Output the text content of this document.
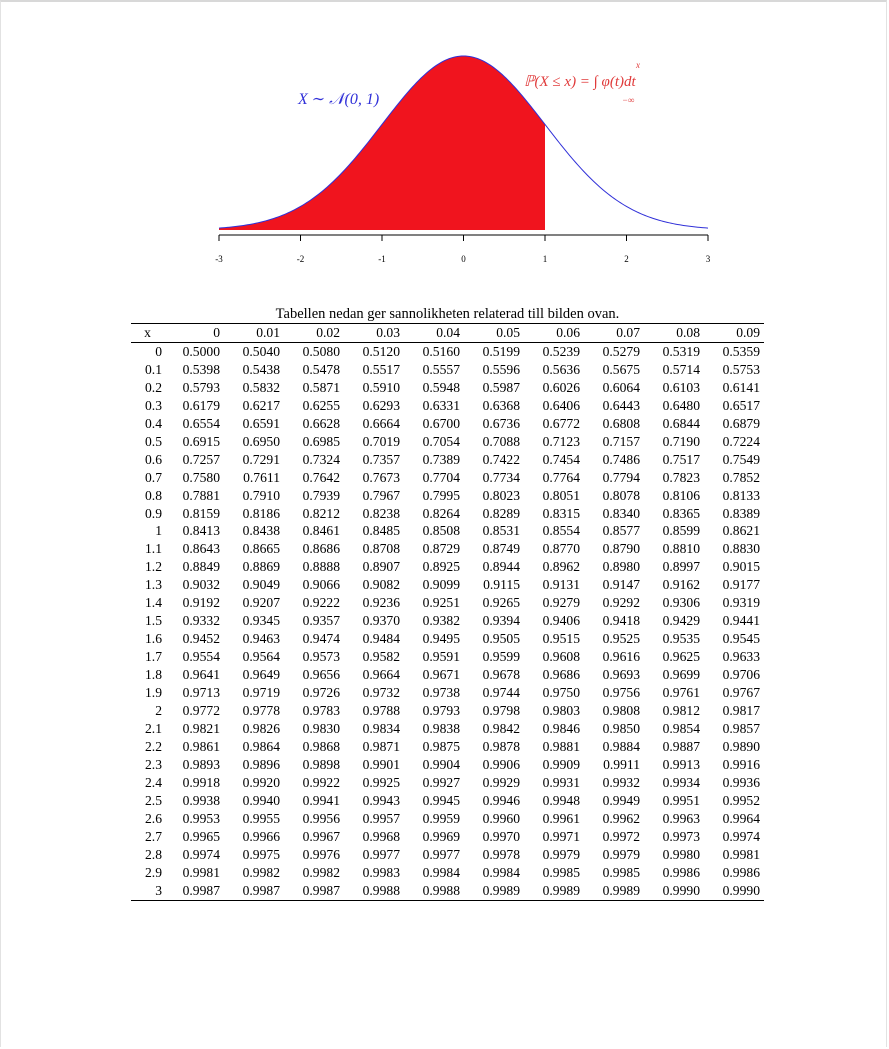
-3	-2	-1	0	1	2	3
X ∼ 𝒩(0, 1)
ℙ(X ≤ x) = ∫ φ(t)dt
x
−∞
Tabellen nedan ger sannolikheten relaterad till bilden ovan.
x	0	0.01	0.02	0.03	0.04	0.05	0.06	0.07	0.08	0.09
0	0.5000	0.5040	0.5080	0.5120	0.5160	0.5199	0.5239	0.5279	0.5319	0.5359
0.1	0.5398	0.5438	0.5478	0.5517	0.5557	0.5596	0.5636	0.5675	0.5714	0.5753
0.2	0.5793	0.5832	0.5871	0.5910	0.5948	0.5987	0.6026	0.6064	0.6103	0.6141
0.3	0.6179	0.6217	0.6255	0.6293	0.6331	0.6368	0.6406	0.6443	0.6480	0.6517
0.4	0.6554	0.6591	0.6628	0.6664	0.6700	0.6736	0.6772	0.6808	0.6844	0.6879
0.5	0.6915	0.6950	0.6985	0.7019	0.7054	0.7088	0.7123	0.7157	0.7190	0.7224
0.6	0.7257	0.7291	0.7324	0.7357	0.7389	0.7422	0.7454	0.7486	0.7517	0.7549
0.7	0.7580	0.7611	0.7642	0.7673	0.7704	0.7734	0.7764	0.7794	0.7823	0.7852
0.8	0.7881	0.7910	0.7939	0.7967	0.7995	0.8023	0.8051	0.8078	0.8106	0.8133
0.9	0.8159	0.8186	0.8212	0.8238	0.8264	0.8289	0.8315	0.8340	0.8365	0.8389
1	0.8413	0.8438	0.8461	0.8485	0.8508	0.8531	0.8554	0.8577	0.8599	0.8621
1.1	0.8643	0.8665	0.8686	0.8708	0.8729	0.8749	0.8770	0.8790	0.8810	0.8830
1.2	0.8849	0.8869	0.8888	0.8907	0.8925	0.8944	0.8962	0.8980	0.8997	0.9015
1.3	0.9032	0.9049	0.9066	0.9082	0.9099	0.9115	0.9131	0.9147	0.9162	0.9177
1.4	0.9192	0.9207	0.9222	0.9236	0.9251	0.9265	0.9279	0.9292	0.9306	0.9319
1.5	0.9332	0.9345	0.9357	0.9370	0.9382	0.9394	0.9406	0.9418	0.9429	0.9441
1.6	0.9452	0.9463	0.9474	0.9484	0.9495	0.9505	0.9515	0.9525	0.9535	0.9545
1.7	0.9554	0.9564	0.9573	0.9582	0.9591	0.9599	0.9608	0.9616	0.9625	0.9633
1.8	0.9641	0.9649	0.9656	0.9664	0.9671	0.9678	0.9686	0.9693	0.9699	0.9706
1.9	0.9713	0.9719	0.9726	0.9732	0.9738	0.9744	0.9750	0.9756	0.9761	0.9767
2	0.9772	0.9778	0.9783	0.9788	0.9793	0.9798	0.9803	0.9808	0.9812	0.9817
2.1	0.9821	0.9826	0.9830	0.9834	0.9838	0.9842	0.9846	0.9850	0.9854	0.9857
2.2	0.9861	0.9864	0.9868	0.9871	0.9875	0.9878	0.9881	0.9884	0.9887	0.9890
2.3	0.9893	0.9896	0.9898	0.9901	0.9904	0.9906	0.9909	0.9911	0.9913	0.9916
2.4	0.9918	0.9920	0.9922	0.9925	0.9927	0.9929	0.9931	0.9932	0.9934	0.9936
2.5	0.9938	0.9940	0.9941	0.9943	0.9945	0.9946	0.9948	0.9949	0.9951	0.9952
2.6	0.9953	0.9955	0.9956	0.9957	0.9959	0.9960	0.9961	0.9962	0.9963	0.9964
2.7	0.9965	0.9966	0.9967	0.9968	0.9969	0.9970	0.9971	0.9972	0.9973	0.9974
2.8	0.9974	0.9975	0.9976	0.9977	0.9977	0.9978	0.9979	0.9979	0.9980	0.9981
2.9	0.9981	0.9982	0.9982	0.9983	0.9984	0.9984	0.9985	0.9985	0.9986	0.9986
3	0.9987	0.9987	0.9987	0.9988	0.9988	0.9989	0.9989	0.9989	0.9990	0.9990
